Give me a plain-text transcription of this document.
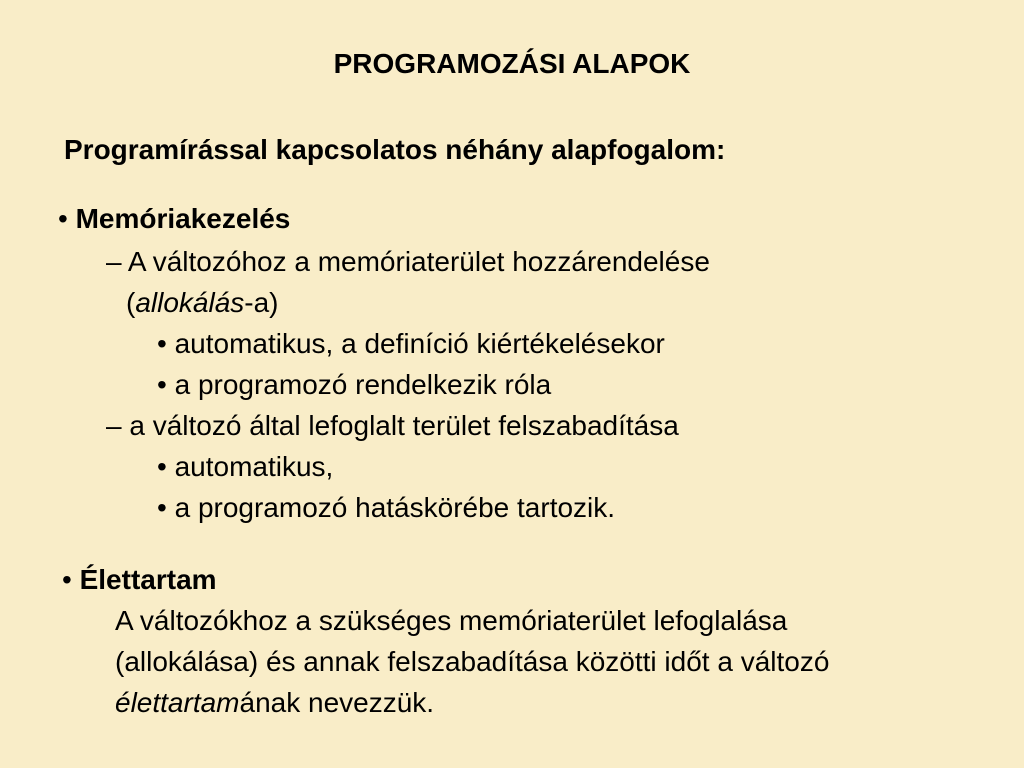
PROGRAMOZÁSI ALAPOK
Programírással kapcsolatos néhány alapfogalom:
• Memóriakezelés
– A változóhoz a memóriaterület hozzárendelése
(allokálás-a)
• automatikus, a definíció kiértékelésekor
• a programozó rendelkezik róla
– a változó által lefoglalt terület felszabadítása
• automatikus,
• a programozó hatáskörébe tartozik.
• Élettartam
A változókhoz a szükséges memóriaterület lefoglalása
(allokálása) és annak felszabadítása közötti időt a változó
élettartamának nevezzük.
